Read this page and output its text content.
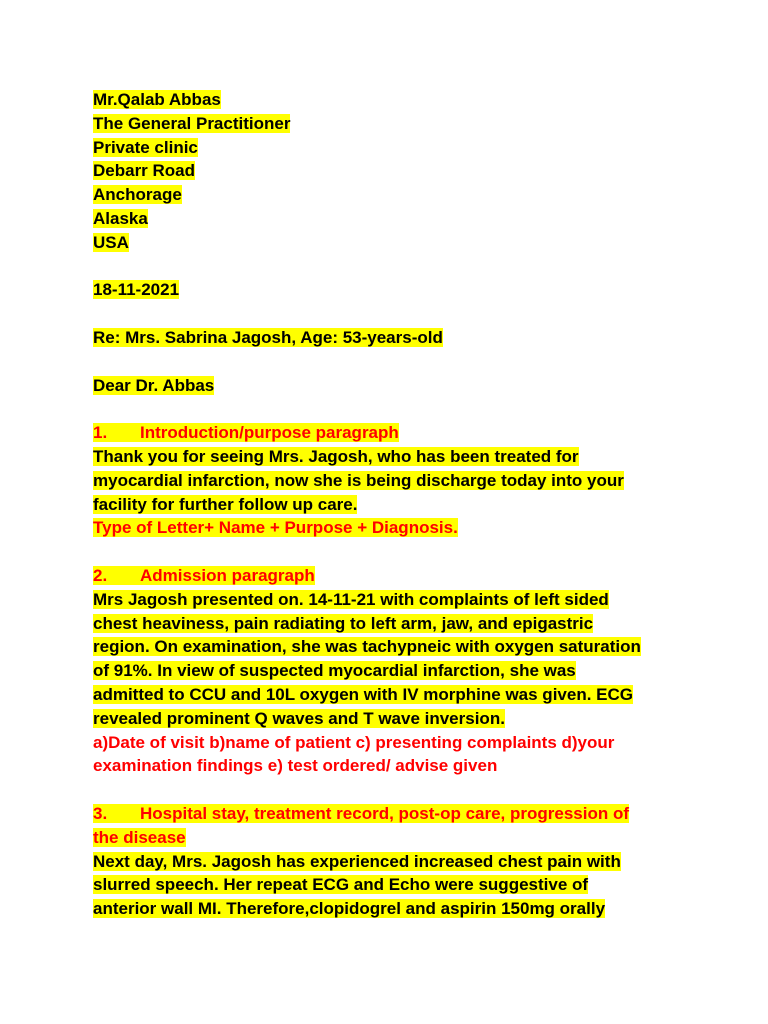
Mr.Qalab Abbas
The General Practitioner
Private clinic
Debarr Road
Anchorage
Alaska
USA
18-11-2021
Re: Mrs. Sabrina Jagosh, Age: 53-years-old
Dear Dr. Abbas
1. Introduction/purpose paragraph
Thank you for seeing Mrs. Jagosh, who has been treated for
myocardial infarction, now she is being discharge today into your
facility for further follow up care.
Type of Letter+ Name + Purpose + Diagnosis.
2. Admission paragraph
Mrs Jagosh presented on. 14-11-21 with complaints of left sided
chest heaviness, pain radiating to left arm, jaw, and epigastric
region. On examination, she was tachypneic with oxygen saturation
of 91%. In view of suspected myocardial infarction, she was
admitted to CCU and 10L oxygen with IV morphine was given. ECG
revealed prominent Q waves and T wave inversion.
a)Date of visit b)name of patient c) presenting complaints d)your
examination findings e) test ordered/ advise given
3. Hospital stay, treatment record, post-op care, progression of
the disease
Next day, Mrs. Jagosh has experienced increased chest pain with
slurred speech. Her repeat ECG and Echo were suggestive of
anterior wall MI. Therefore,clopidogrel and aspirin 150mg orally
